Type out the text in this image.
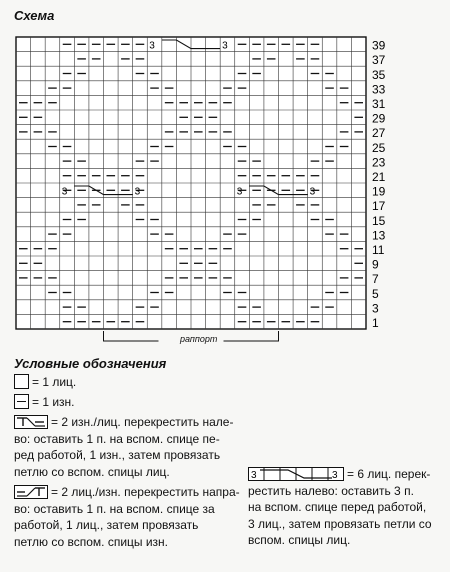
Схема
3	3
3	3	3	3
39
37
35
33
31
29
27
25
23
21
19
17
15
13
11
9
7
5
3
1
раппорт
Условные обозначения
= 1 лиц.
= 1 изн.
= 2 изн./лиц. перекрестить нале-
во: оставить 1 п. на вспом. спице пе-
ред работой, 1 изн., затем провязать
петлю со вспом. спицы лиц.
= 2 лиц./изн. перекрестить напра-
во: оставить 1 п. на вспом. спице за
работой, 1 лиц., затем провязать
петлю со вспом. спицы изн.
3	3 = 6 лиц. перек-
рестить налево: оставить 3 п.
на вспом. спице перед работой,
3 лиц., затем провязать петли со
вспом. спицы лиц.
